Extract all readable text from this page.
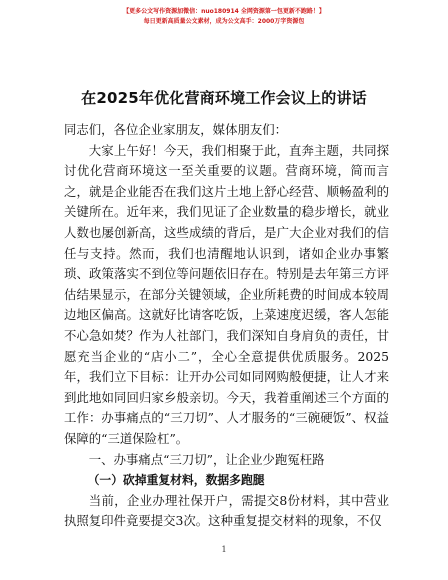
【更多公文写作资源加微信：nuo180914 全网资源第一包更新不跑路！】
每日更新高质量公文素材，成为公文高手：2000万字资源包
在2025年优化营商环境工作会议上的讲话

同志们，各位企业家朋友，媒体朋友们：

大家上午好！今天，我们相聚于此，直奔主题，共同探讨优化营商环境这一至关重要的议题。营商环境，简而言之，就是企业能否在我们这片土地上舒心经营、顺畅盈利的关键所在。近年来，我们见证了企业数量的稳步增长，就业人数也屡创新高，这些成绩的背后，是广大企业对我们的信任与支持。然而，我们也清醒地认识到，诸如企业办事繁琐、政策落实不到位等问题依旧存在。特别是去年第三方评估结果显示，在部分关键领域，企业所耗费的时间成本较周边地区偏高。这就好比请客吃饭，上菜速度迟缓，客人怎能不心急如焚？作为人社部门，我们深知自身肩负的责任，甘愿充当企业的“店小二”，全心全意提供优质服务。2025年，我们立下目标：让开办公司如同网购般便捷，让人才来到此地如同回归家乡般亲切。今天，我着重阐述三个方面的工作：办事痛点的“三刀切”、人才服务的“三碗硬饭”、权益保障的“三道保险杠”。

一、办事痛点“三刀切”，让企业少跑冤枉路

（一）砍掉重复材料，数据多跑腿

当前，企业办理社保开户，需提交8份材料，其中营业执照复印件竟要提交3次。这种重复提交材料的现象，不仅

1
